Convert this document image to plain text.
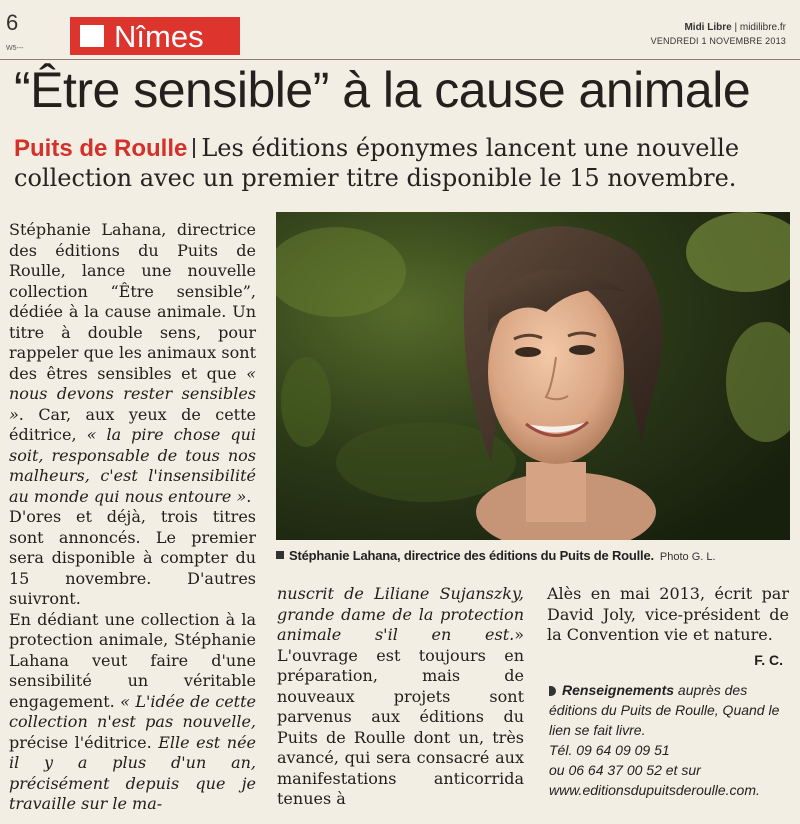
6
W5---	Nîmes	Midi Libre | midilibre.fr
VENDREDI 1 NOVEMBRE 2013
“Être sensible” à la cause animale
Puits de Roulle Les éditions éponymes lancent une nouvelle collection avec un premier titre disponible le 15 novembre.
Stéphanie Lahana, directrice des éditions du Puits de Roulle. Photo G. L.

Stéphanie Lahana, directrice des éditions du Puits de Roulle, lance une nouvelle collection “Être sensible”, dédiée à la cause animale. Un titre à double sens, pour rappeler que les animaux sont des êtres sensibles et que « nous devons rester sensibles ». Car, aux yeux de cette éditrice, « la pire chose qui soit, responsable de tous nos malheurs, c'est l'insensibilité au monde qui nous entoure ».

D'ores et déjà, trois titres sont annoncés. Le premier sera disponible à compter du 15 novembre. D'autres suivront.

En dédiant une collection à la protection animale, Stéphanie Lahana veut faire d'une sensibilité un véritable engagement. « L'idée de cette collection n'est pas nouvelle, précise l'éditrice. Elle est née il y a plus d'un an, précisément depuis que je travaille sur le ma-

nuscrit de Liliane Sujanszky, grande dame de la protection animale s'il en est.» L'ouvrage est toujours en préparation, mais de nouveaux projets sont parvenus aux éditions du Puits de Roulle dont un, très avancé, qui sera consacré aux manifestations anticorrida tenues à

Alès en mai 2013, écrit par David Joly, vice-président de la Convention vie et nature.

F. C.
Renseignements auprès des éditions du Puits de Roulle, Quand le lien se fait livre.
Tél. 09 64 09 09 51
ou 06 64 37 00 52 et sur
www.editionsdupuitsderoulle.com.
